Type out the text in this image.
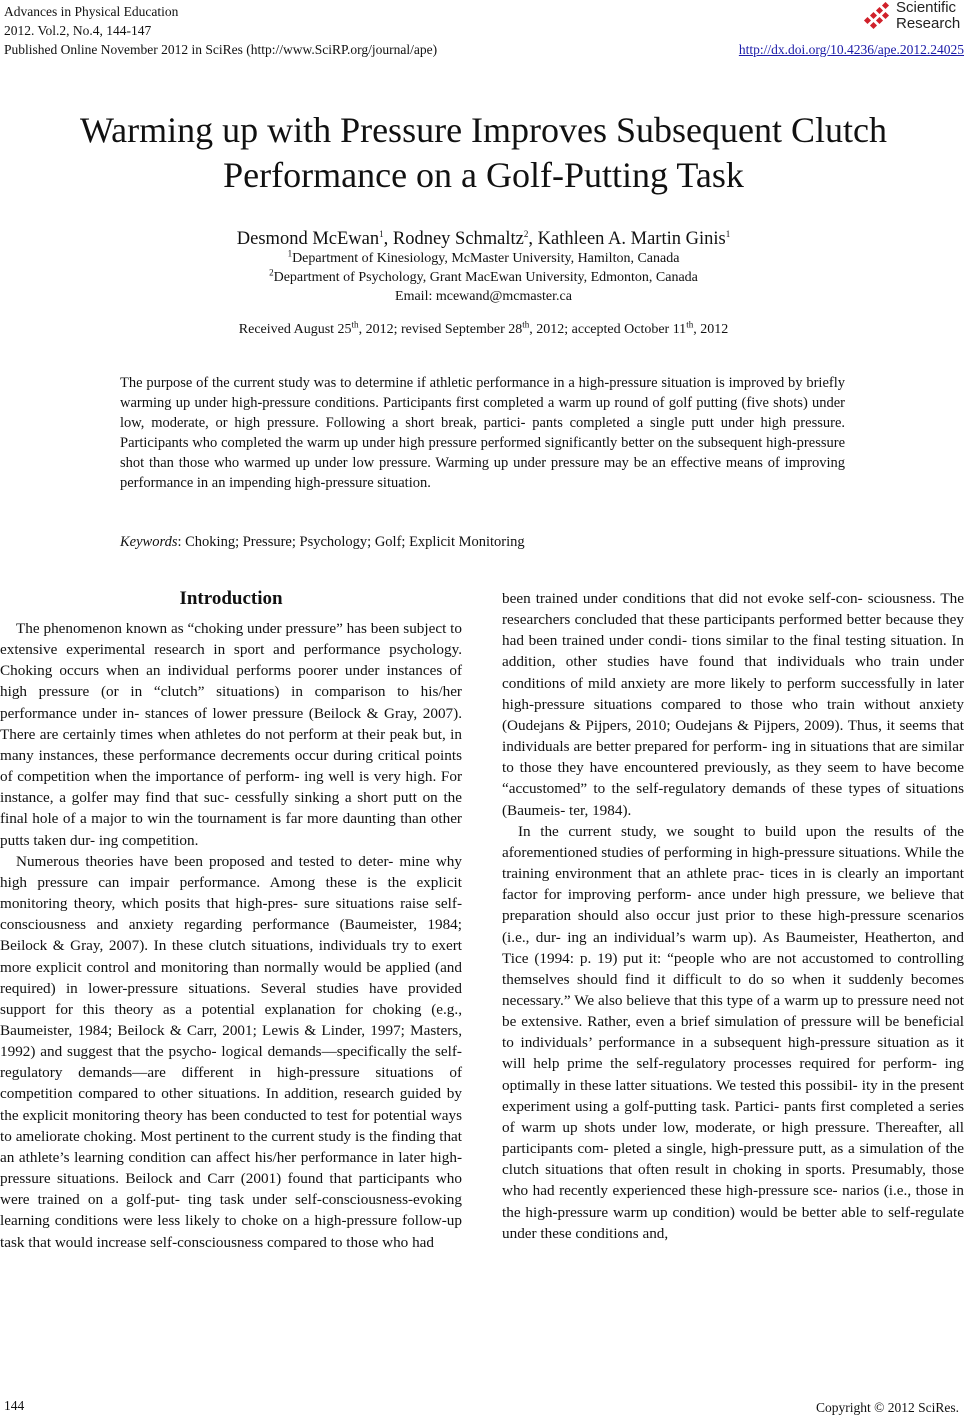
Advances in Physical Education
2012. Vol.2, No.4, 144-147
Published Online November 2012 in SciRes (http://www.SciRP.org/journal/ape)	http://dx.doi.org/10.4236/ape.2012.24025
Scientific
Research
Warming up with Pressure Improves Subsequent Clutch
Performance on a Golf-Putting Task
Desmond McEwan$^1$, Rodney Schmaltz$^2$, Kathleen A. Martin Ginis$^1$
$^1$Department of Kinesiology, McMaster University, Hamilton, Canada
$^2$Department of Psychology, Grant MacEwan University, Edmonton, Canada
Email: mcewand@mcmaster.ca
Received August 25th, 2012; revised September 28th, 2012; accepted October 11th, 2012

The purpose of the current study was to determine if athletic performance in a high-pressure situation is improved by briefly warming up under high-pressure conditions. Participants first completed a warm up round of golf putting (five shots) under low, moderate, or high pressure. Following a short break, partici- pants completed a single putt under high pressure. Participants who completed the warm up under high pressure performed significantly better on the subsequent high-pressure shot than those who warmed up under low pressure. Warming up under pressure may be an effective means of improving performance in an impending high-pressure situation.

Keywords: Choking; Pressure; Psychology; Golf; Explicit Monitoring
Introduction

The phenomenon known as “choking under pressure” has been subject to extensive experimental research in sport and performance psychology. Choking occurs when an individual performs poorer under instances of high pressure (or in “clutch” situations) in comparison to his/her performance under in- stances of lower pressure (Beilock & Gray, 2007). There are certainly times when athletes do not perform at their peak but, in many instances, these performance decrements occur during critical points of competition when the importance of perform- ing well is very high. For instance, a golfer may find that suc- cessfully sinking a short putt on the final hole of a major to win the tournament is far more daunting than other putts taken dur- ing competition.

Numerous theories have been proposed and tested to deter- mine why high pressure can impair performance. Among these is the explicit monitoring theory, which posits that high-pres- sure situations raise self-consciousness and anxiety regarding performance (Baumeister, 1984; Beilock & Gray, 2007). In these clutch situations, individuals try to exert more explicit control and monitoring than normally would be applied (and required) in lower-pressure situations. Several studies have provided support for this theory as a potential explanation for choking (e.g., Baumeister, 1984; Beilock & Carr, 2001; Lewis & Linder, 1997; Masters, 1992) and suggest that the psycho- logical demands—specifically the self-regulatory demands—are different in high-pressure situations of competition compared to other situations. In addition, research guided by the explicit monitoring theory has been conducted to test for potential ways to ameliorate choking. Most pertinent to the current study is the finding that an athlete’s learning condition can affect his/her performance in later high-pressure situations. Beilock and Carr (2001) found that participants who were trained on a golf-put- ting task under self-consciousness-evoking learning conditions were less likely to choke on a high-pressure follow-up task that would increase self-consciousness compared to those who had

been trained under conditions that did not evoke self-con- sciousness. The researchers concluded that these participants performed better because they had been trained under condi- tions similar to the final testing situation. In addition, other studies have found that individuals who train under conditions of mild anxiety are more likely to perform successfully in later high-pressure situations compared to those who train without anxiety (Oudejans & Pijpers, 2010; Oudejans & Pijpers, 2009). Thus, it seems that individuals are better prepared for perform- ing in situations that are similar to those they have encountered previously, as they seem to have become “accustomed” to the self-regulatory demands of these types of situations (Baumeis- ter, 1984).

In the current study, we sought to build upon the results of the aforementioned studies of performing in high-pressure situations. While the training environment that an athlete prac- tices in is clearly an important factor for improving perform- ance under high pressure, we believe that preparation should also occur just prior to these high-pressure scenarios (i.e., dur- ing an individual’s warm up). As Baumeister, Heatherton, and Tice (1994: p. 19) put it: “people who are not accustomed to controlling themselves should find it difficult to do so when it suddenly becomes necessary.” We also believe that this type of a warm up to pressure need not be extensive. Rather, even a brief simulation of pressure will be beneficial to individuals’ performance in a subsequent high-pressure situation as it will help prime the self-regulatory processes required for perform- ing optimally in these latter situations. We tested this possibil- ity in the present experiment using a golf-putting task. Partici- pants first completed a series of warm up shots under low, moderate, or high pressure. Thereafter, all participants com- pleted a single, high-pressure putt, as a simulation of the clutch situations that often result in choking in sports. Presumably, those who had recently experienced these high-pressure sce- narios (i.e., those in the high-pressure warm up condition) would be better able to self-regulate under these conditions and,

144	Copyright © 2012 SciRes.
